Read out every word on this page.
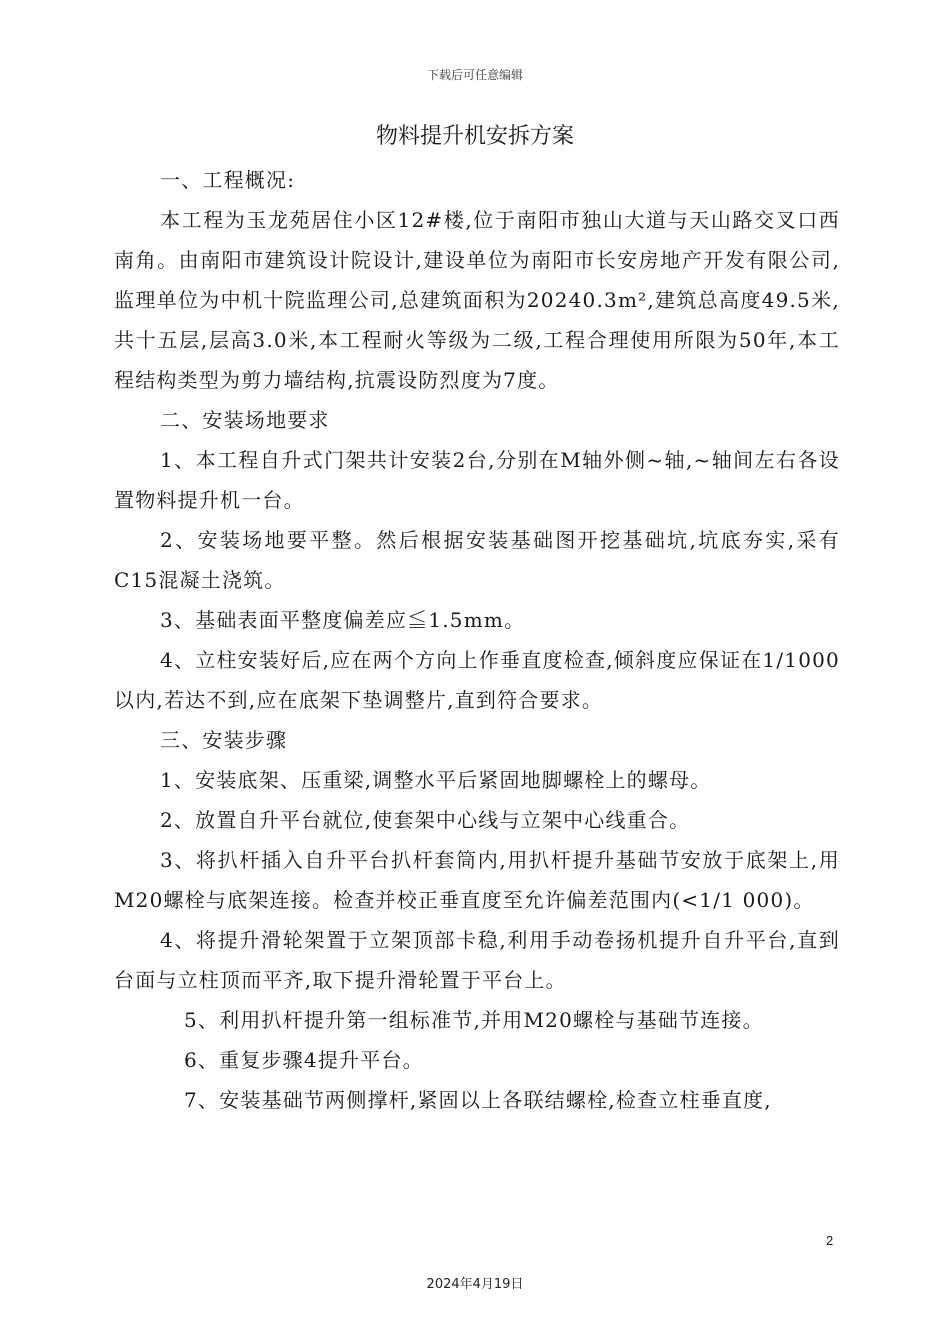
下载后可任意编辑
物料提升机安拆方案

一、工程概况:

本工程为玉龙苑居住小区12#楼,位于南阳市独山大道与天山路交叉口西南角。由南阳市建筑设计院设计,建设单位为南阳市长安房地产开发有限公司,监理单位为中机十院监理公司,总建筑面积为20240.3m²,建筑总高度49.5米,共十五层,层高3.0米,本工程耐火等级为二级,工程合理使用所限为50年,本工程结构类型为剪力墙结构,抗震设防烈度为7度。

二、安装场地要求

1、本工程自升式门架共计安装2台,分别在M轴外侧~轴,~轴间左右各设置物料提升机一台。

2、安装场地要平整。然后根据安装基础图开挖基础坑,坑底夯实,采有C15混凝土浇筑。

3、基础表面平整度偏差应≦1.5mm。

4、立柱安装好后,应在两个方向上作垂直度检查,倾斜度应保证在1/1000以内,若达不到,应在底架下垫调整片,直到符合要求。

三、安装步骤

1、安装底架、压重梁,调整水平后紧固地脚螺栓上的螺母。

2、放置自升平台就位,使套架中心线与立架中心线重合。

3、将扒杆插入自升平台扒杆套筒内,用扒杆提升基础节安放于底架上,用M20螺栓与底架连接。检查并校正垂直度至允许偏差范围内(<1/1 000)。

4、将提升滑轮架置于立架顶部卡稳,利用手动卷扬机提升自升平台,直到台面与立柱顶而平齐,取下提升滑轮置于平台上。

5、利用扒杆提升第一组标准节,并用M20螺栓与基础节连接。

6、重复步骤4提升平台。

7、安装基础节两侧撑杆,紧固以上各联结螺栓,检查立柱垂直度,

2
2024年4月19日
